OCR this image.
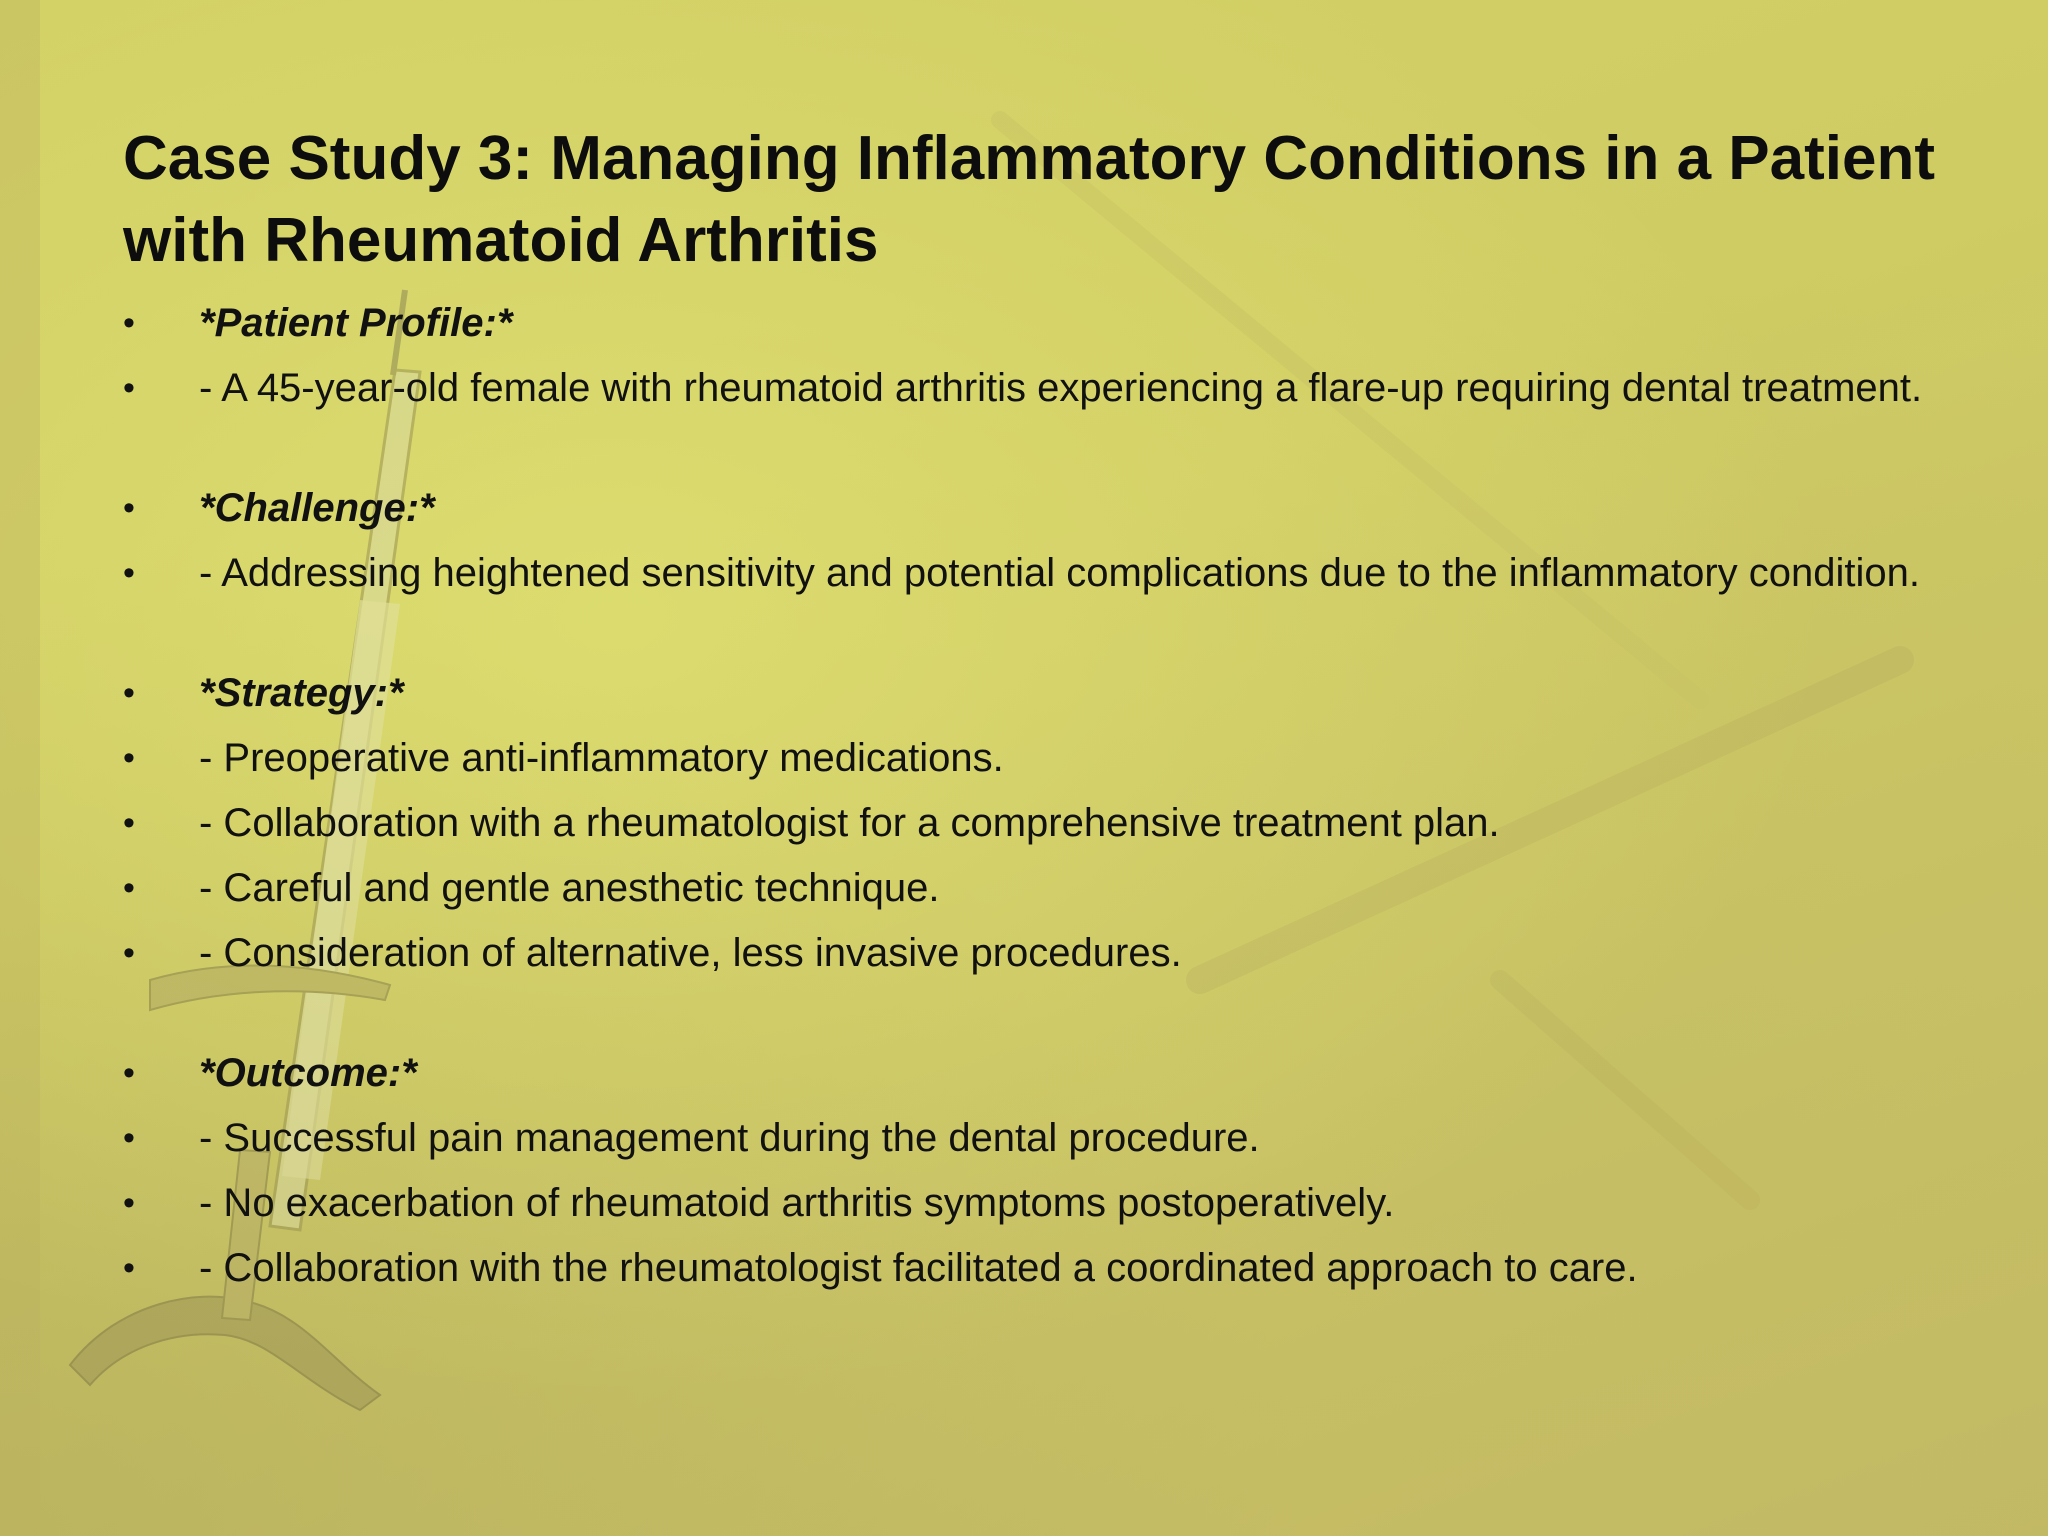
Case Study 3: Managing Inflammatory Conditions in a Patient with Rheumatoid Arthritis
•	*Patient Profile:*
•	- A 45-year-old female with rheumatoid arthritis experiencing a flare-up requiring dental treatment.
•	*Challenge:*
•	- Addressing heightened sensitivity and potential complications due to the inflammatory condition.
•	*Strategy:*
•	- Preoperative anti-inflammatory medications.
•	- Collaboration with a rheumatologist for a comprehensive treatment plan.
•	- Careful and gentle anesthetic technique.
•	- Consideration of alternative, less invasive procedures.
•	*Outcome:*
•	- Successful pain management during the dental procedure.
•	- No exacerbation of rheumatoid arthritis symptoms postoperatively.
•	- Collaboration with the rheumatologist facilitated a coordinated approach to care.
